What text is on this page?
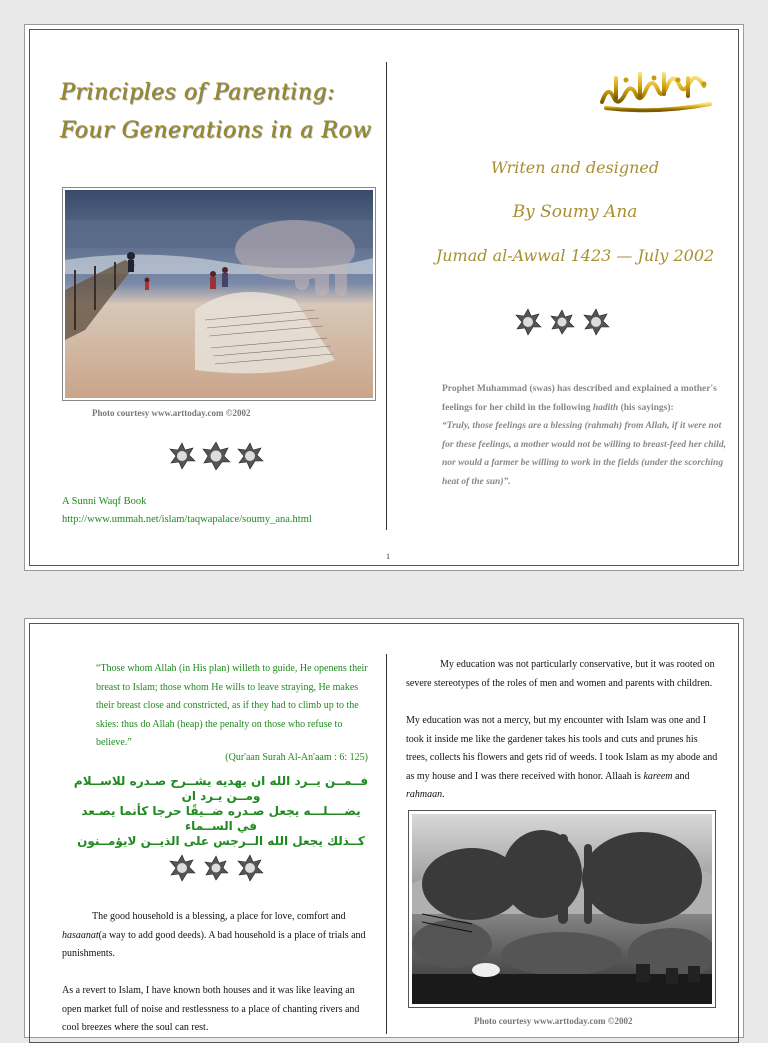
Principles of Parenting:
Four Generations in a Row
Writen and designed
By Soumy Ana
Jumad al-Awwal 1423 — July 2002
Photo courtesy www.arttoday.com ©2002
A Sunni Waqf Book
http://www.ummah.net/islam/taqwapalace/soumy_ana.html
Prophet Muhammad (swas) has described and explained a mother's feelings for her child in the following hadith (his sayings):
“Truly, those feelings are a blessing (rahmah) from Allah, if it were not for these feelings, a mother would not be willing to breast-feed her child, nor would a farmer be willing to work in the fields (under the scorching heat of the sun)”.
1
“Those whom Allah (in His plan) willeth to guide, He openens their breast to Islam; those whom He wills to leave straying, He makes their breast close and constricted, as if they had to climb up to the skies: thus do Allah (heap) the penalty on those who refuse to believe.”
(Qur'aan Surah Al-An'aam : 6: 125)
فــمــن يــرد الله ان يهديه يشــرح صـدره للاســلام ومــن يـرد ان
يضــــلـــه يجعل صـدره ضــيقًا حرجا كأنما يصـعد في الســماء
كــذلك يجعل الله الــرجس على الذيــن لايؤمــنون
The good household is a blessing, a place for love, comfort and hasaanat(a way to add good deeds). A bad household is a place of trials and punishments.
As a revert to Islam, I have known both houses and it was like leaving an open market full of noise and restlessness to a place of chanting rivers and cool breezes where the soul can rest.
My education was not particularly conservative, but it was rooted on severe stereotypes of the roles of men and women and parents with children.
My education was not a mercy, but my encounter with Islam was one and I took it inside me like the gardener takes his tools and cuts and prunes his trees, collects his flowers and gets rid of weeds. I took Islam as my abode and as my house and I was there received with honor. Allaah is kareem and rahmaan.
Photo courtesy www.arttoday.com ©2002
